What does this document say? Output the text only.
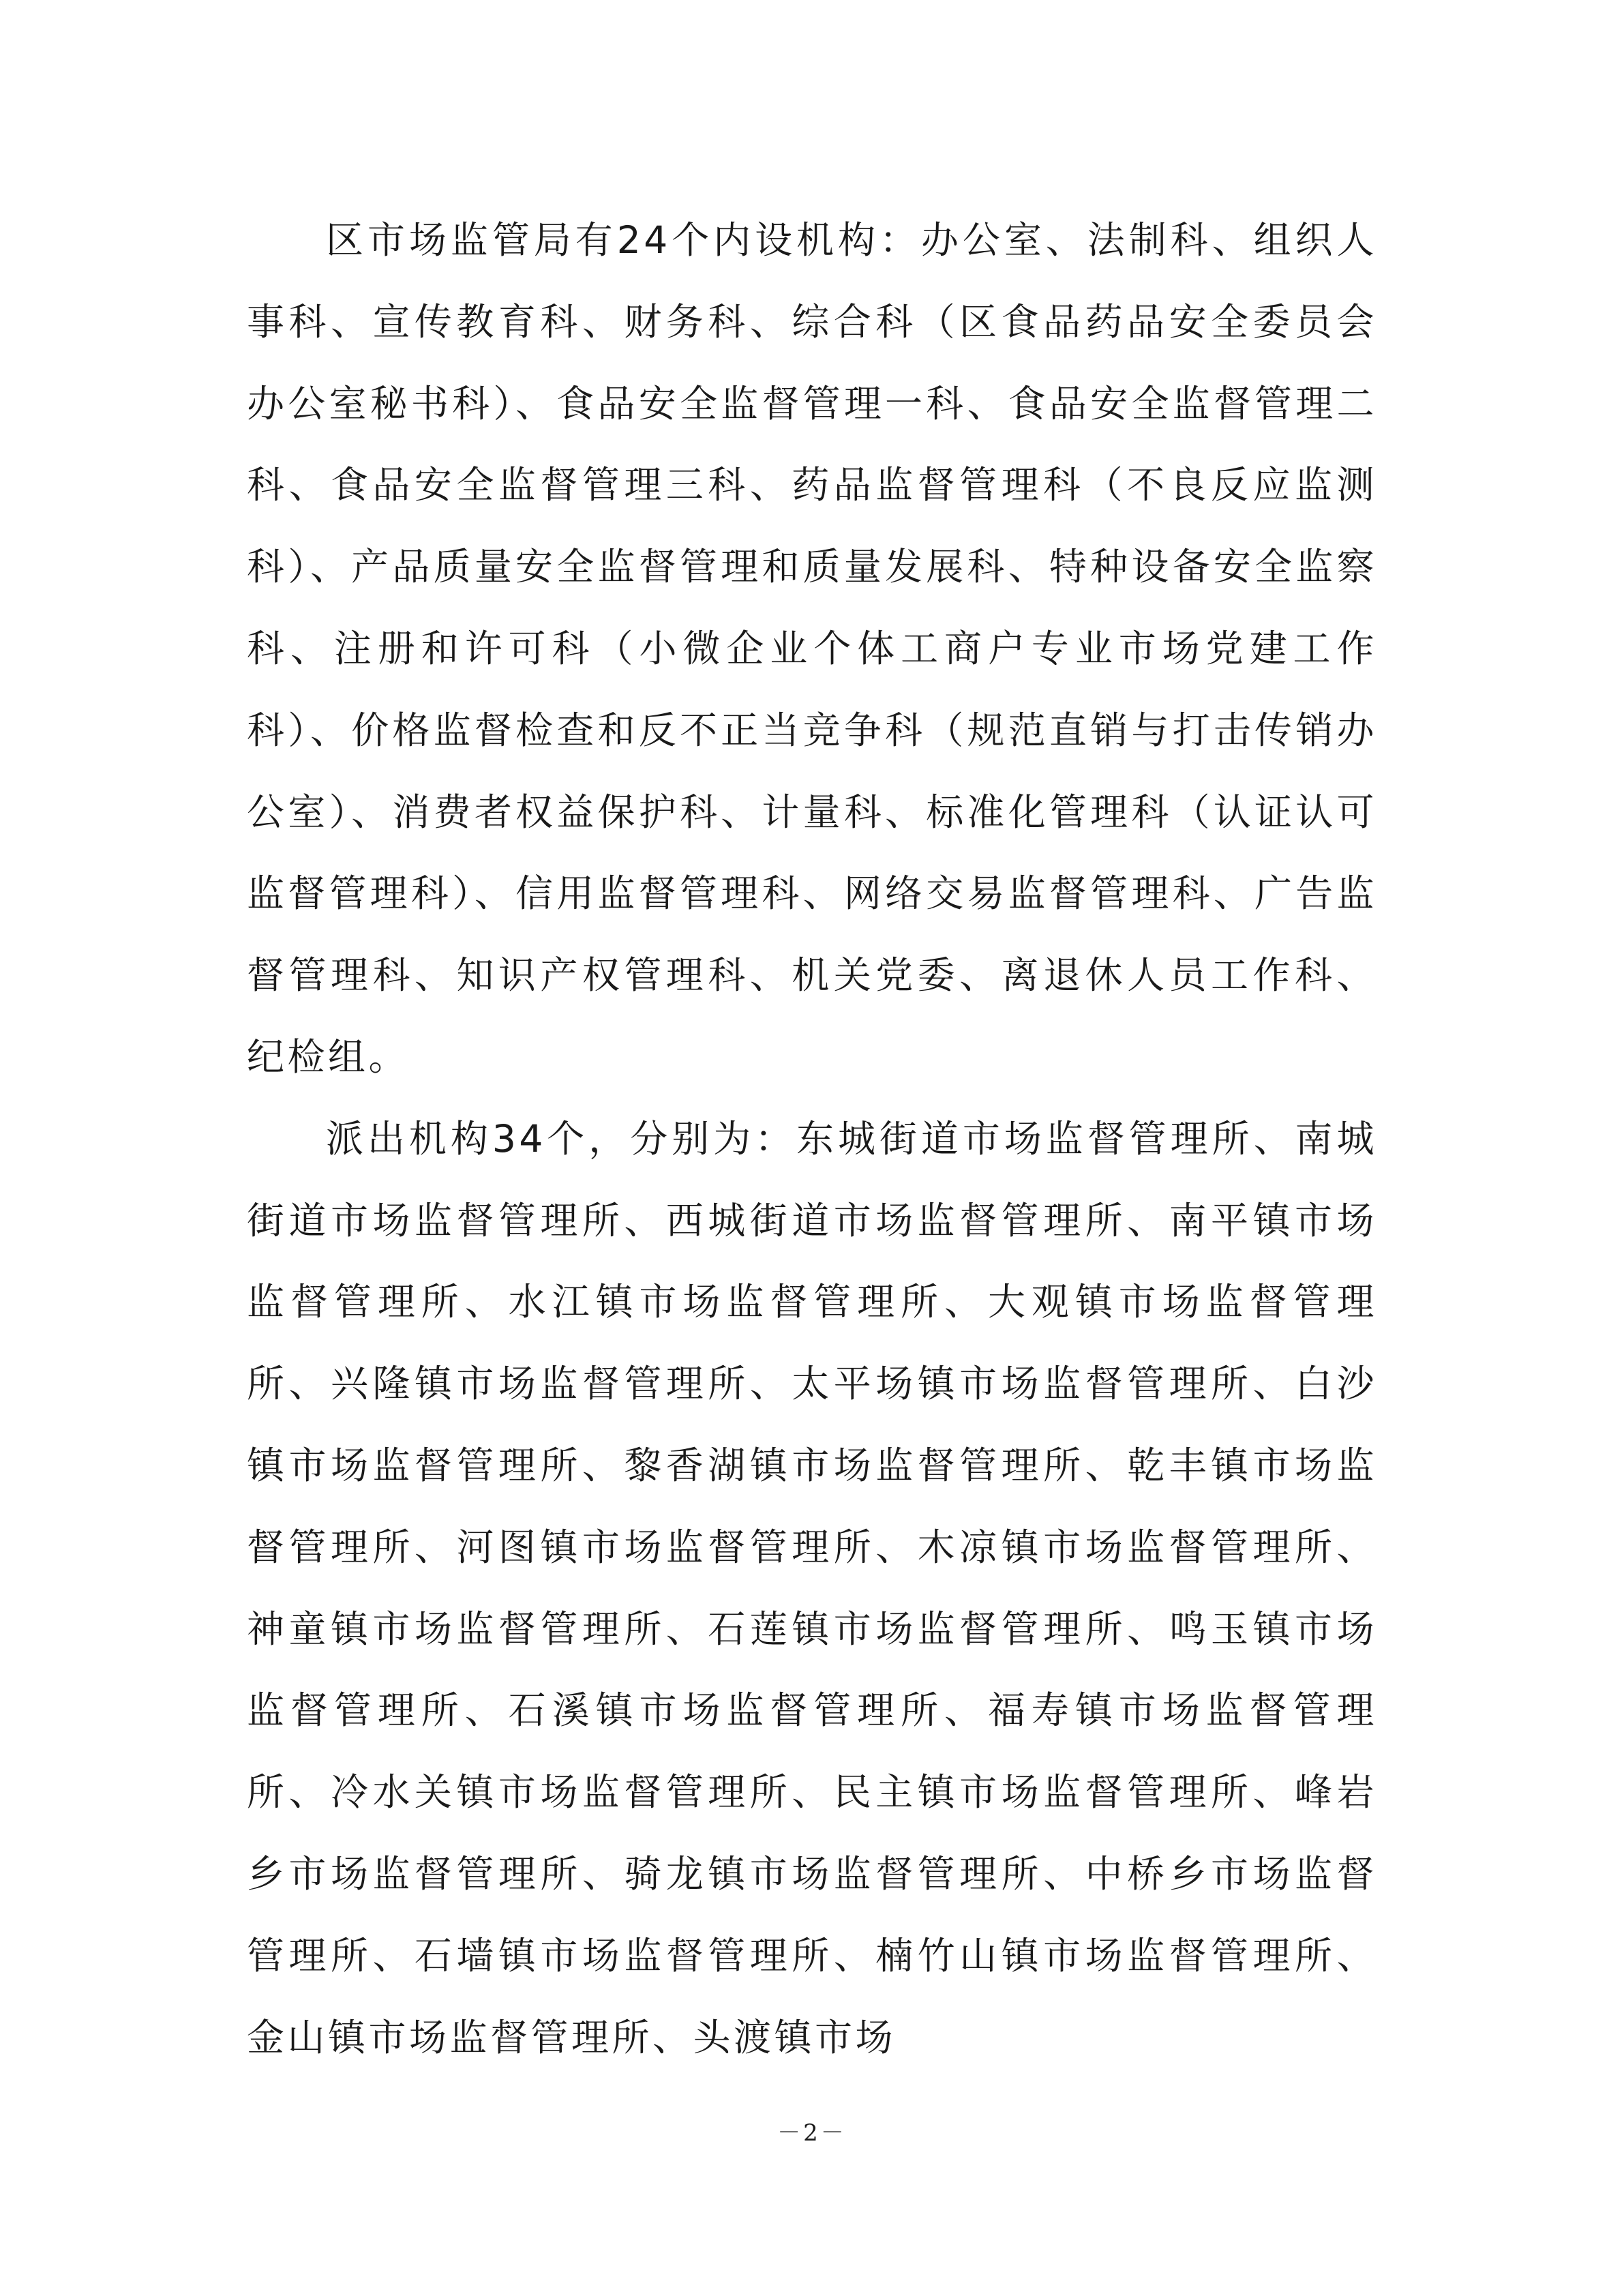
区市场监管局有24个内设机构：办公室、法制科、组织人事科、宣传教育科、财务科、综合科（区食品药品安全委员会办公室秘书科）、食品安全监督管理一科、食品安全监督管理二科、食品安全监督管理三科、药品监督管理科（不良反应监测科）、产品质量安全监督管理和质量发展科、特种设备安全监察科、注册和许可科（小微企业个体工商户专业市场党建工作科）、价格监督检查和反不正当竞争科（规范直销与打击传销办公室）、消费者权益保护科、计量科、标准化管理科（认证认可监督管理科）、信用监督管理科、网络交易监督管理科、广告监督管理科、知识产权管理科、机关党委、离退休人员工作科、纪检组。

派出机构34个，分别为：东城街道市场监督管理所、南城街道市场监督管理所、西城街道市场监督管理所、南平镇市场监督管理所、水江镇市场监督管理所、大观镇市场监督管理所、兴隆镇市场监督管理所、太平场镇市场监督管理所、白沙镇市场监督管理所、黎香湖镇市场监督管理所、乾丰镇市场监督管理所、河图镇市场监督管理所、木凉镇市场监督管理所、神童镇市场监督管理所、石莲镇市场监督管理所、鸣玉镇市场监督管理所、石溪镇市场监督管理所、福寿镇市场监督管理所、冷水关镇市场监督管理所、民主镇市场监督管理所、峰岩乡市场监督管理所、骑龙镇市场监督管理所、中桥乡市场监督管理所、石墙镇市场监督管理所、楠竹山镇市场监督管理所、金山镇市场监督管理所、头渡镇市场

－2－
